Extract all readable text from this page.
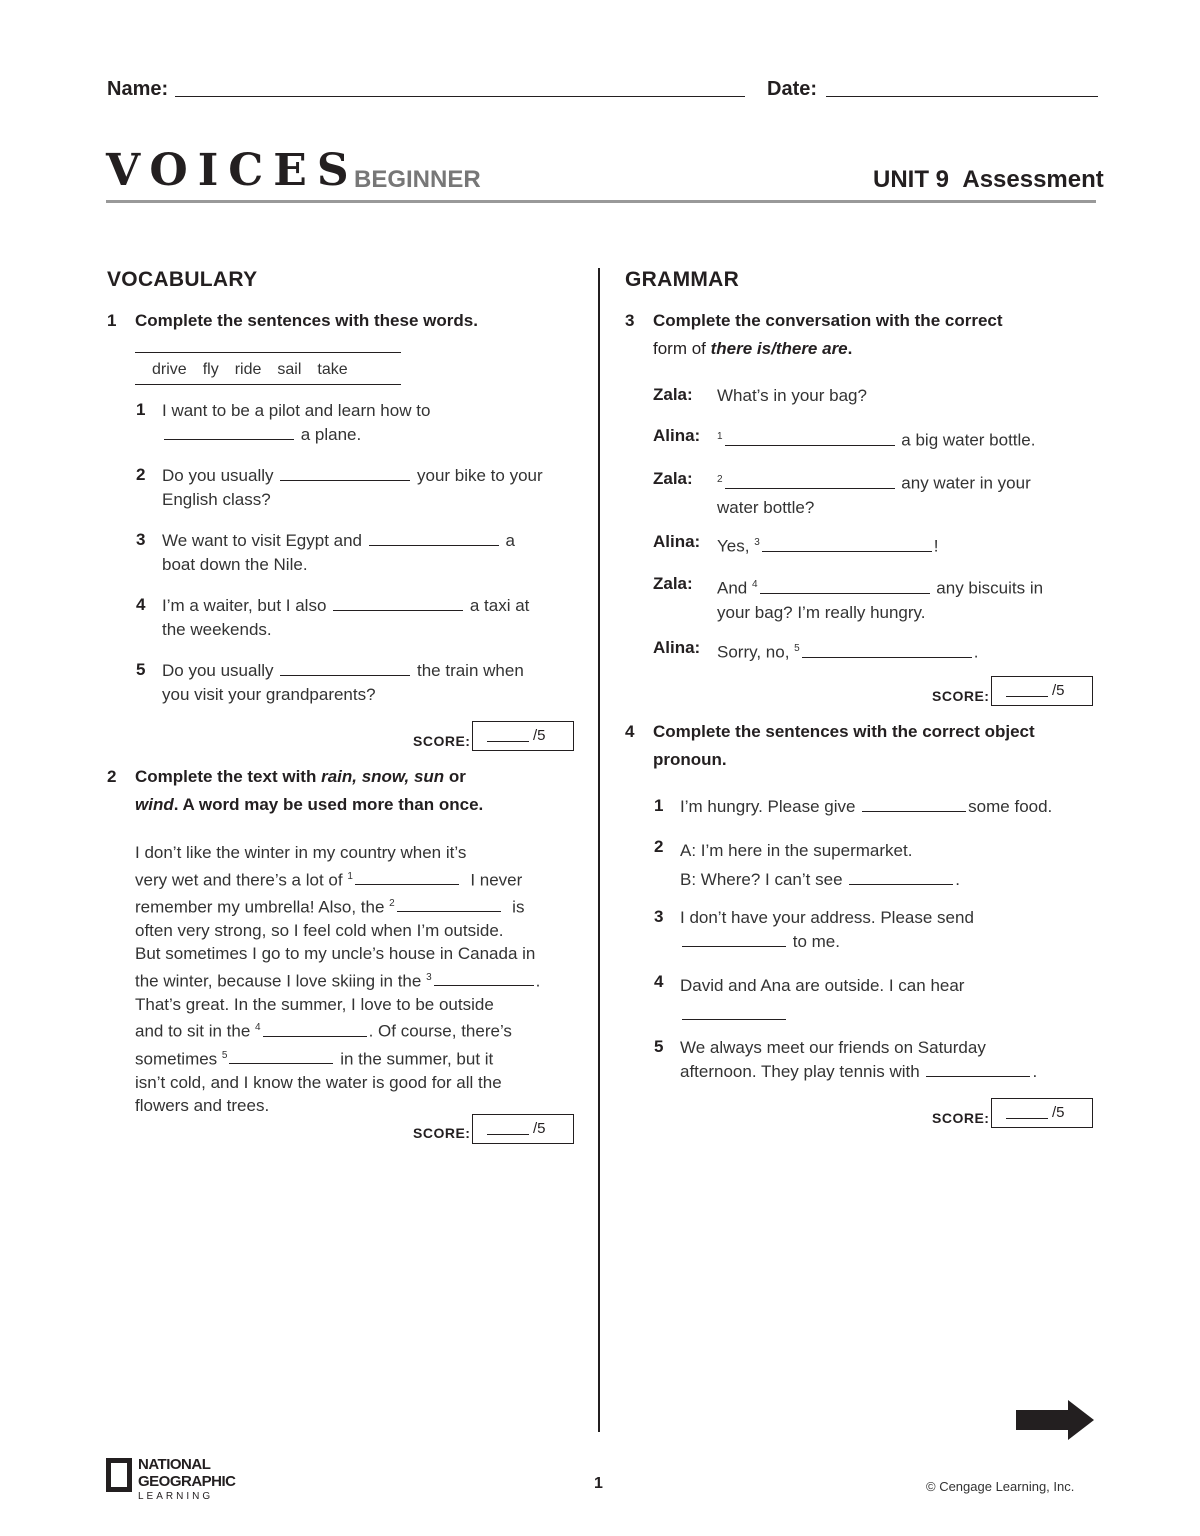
Name:	Date:
VOICES
BEGINNER	UNIT 9 Assessment
VOCABULARY
1 Complete the sentences with these words.
drive fly ride sail take
1 I want to be a pilot and learn how to
a plane.
2 Do you usually	your bike to your
English class?
3 We want to visit Egypt and	a
boat down the Nile.
4 I’m a waiter, but I also	a taxi at
the weekends.
5 Do you usually	the train when
you visit your grandparents?
SCORE:	/5
2 Complete the text with rain, snow, sun or
wind. A word may be used more than once.
I don’t like the winter in my country when it’s
very wet and there’s a lot of $^1$	I never
remember my umbrella! Also, the $^2$	is
often very strong, so I feel cold when I’m outside.
But sometimes I go to my uncle’s house in Canada in
the winter, because I love skiing in the $^3$	.
That’s great. In the summer, I love to be outside
and to sit in the $^4$	. Of course, there’s
sometimes $^5$	in the summer, but it
isn’t cold, and I know the water is good for all the
flowers and trees.
SCORE:	/5
GRAMMAR
3 Complete the conversation with the correct
form of there is/there are.
Zala: What’s in your bag?
Alina: $^1$	a big water bottle.
Zala: $^2$	any water in your
water bottle?
Alina: Yes, $^3$	!
Zala: And $^4$	any biscuits in
your bag? I’m really hungry.
Alina: Sorry, no, $^5$	.
SCORE:	/5
4 Complete the sentences with the correct object
pronoun.
1 I’m hungry. Please give	some food.
2 A: I’m here in the supermarket.
B: Where? I can’t see	.
3 I don’t have your address. Please send
to me.
4 David and Ana are outside. I can hear

5 We always meet our friends on Saturday
afternoon. They play tennis with	.
SCORE:	/5
NATIONAL
GEOGRAPHIC
LEARNING
1	© Cengage Learning, Inc.
